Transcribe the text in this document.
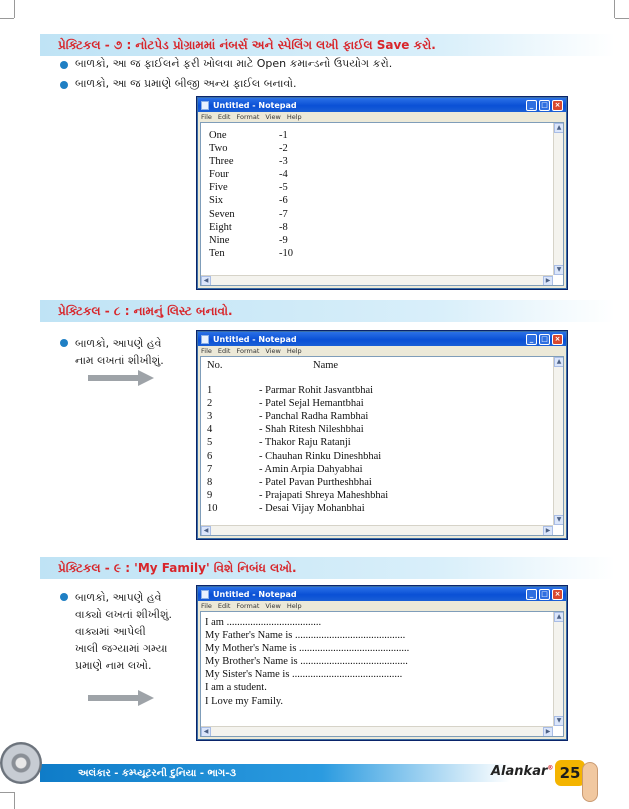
પ્રેક્ટિકલ - ૭ : નોટપેડ પ્રોગ્રામમાં નંબર્સ અને સ્પેલિંગ લખી ફાઈલ Save કરો.
બાળકો, આ જ ફાઈલને ફરી ખોલવા માટે Open કમાન્ડનો ઉપયોગ કરો.
બાળકો, આ જ પ્રમાણે બીજી અન્ય ફાઈલ બનાવો.
Untitled - Notepad	_	□ ×
File Edit Format View Help
One	-1
Two	-2
Three	-3
Four	-4
Five	-5
Six	-6
Seven	-7
Eight	-8
Nine	-9
Ten	-10
▲
▼
◀	▶
પ્રેક્ટિકલ - ૮ : નામનું લિસ્ટ બનાવો.
બાળકો, આપણે હવે
નામ લખતાં શીખીશું.
Untitled - Notepad	_	□ ×
File Edit Format View Help
No.	Name
1	- Parmar Rohit Jasvantbhai
2	- Patel Sejal Hemantbhai
3	- Panchal Radha Rambhai
4	- Shah Ritesh Nileshbhai
5	- Thakor Raju Ratanji
6	- Chauhan Rinku Dineshbhai
7	- Amin Arpia Dahyabhai
8	- Patel Pavan Purtheshbhai
9	- Prajapati Shreya Maheshbhai
10	- Desai Vijay Mohanbhai
▲
▼
◀	▶
પ્રેક્ટિકલ - ૯ : 'My Family' વિશે નિબંધ લખો.
બાળકો, આપણે હવે
વાક્યો લખતાં શીખીશું.
વાક્યમાં આપેલી
ખાલી જગ્યામાં ગમ્યા
પ્રમાણે નામ લખો.
Untitled - Notepad	_	□ ×
File Edit Format View Help
I am ....................................
My Father's Name is ..........................................
My Mother's Name is ..........................................
My Brother's Name is .........................................
My Sister's Name is ..........................................
I am a student.
I Love my Family.
▲
▼
◀	▶
અલંકાર - કમ્પ્યૂટરની દુનિયા - ભાગ-૩	Alankar® 25
